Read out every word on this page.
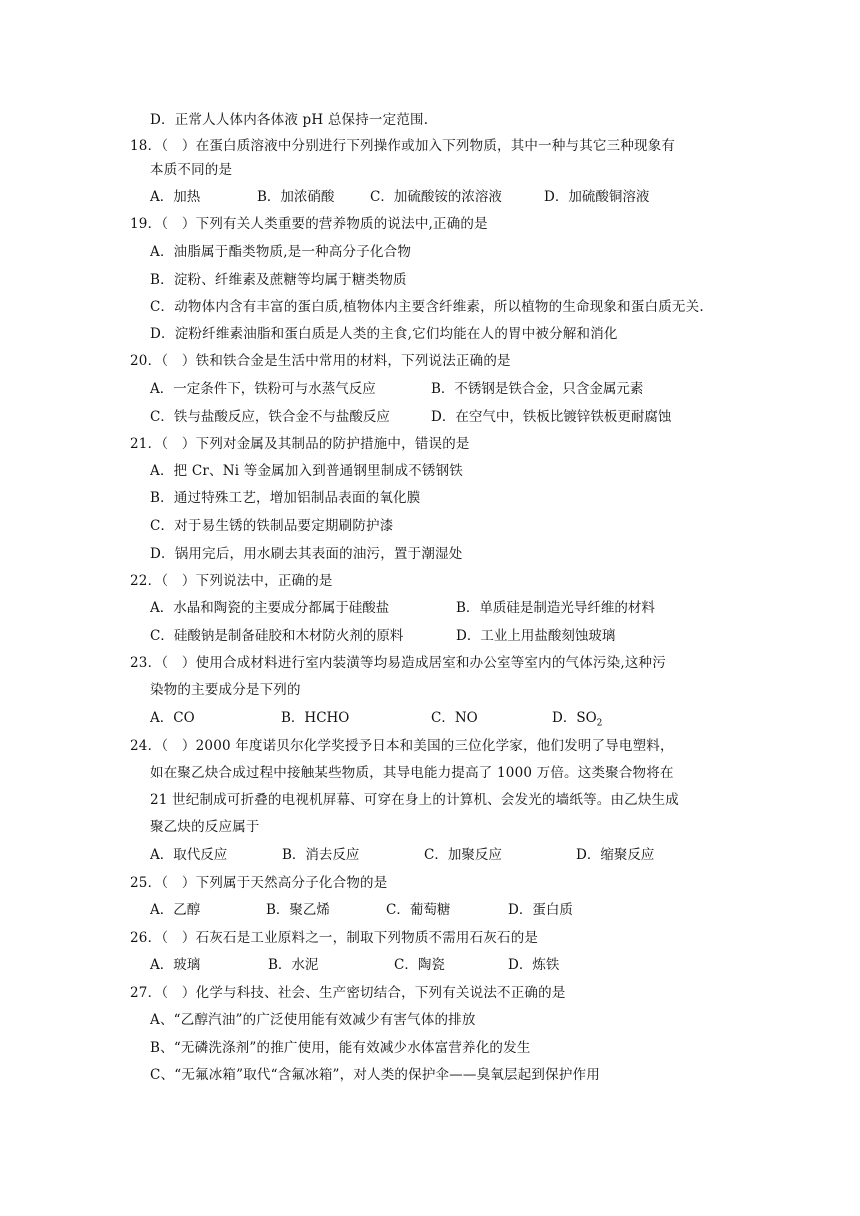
D．正常人人体内各体液 pH 总保持一定范围.
18．（　）在蛋白质溶液中分别进行下列操作或加入下列物质，其中一种与其它三种现象有
本质不同的是

A．加热

	B．加浓硝酸

	C．加硫酸铵的浓溶液

	D．加硫酸铜溶液

19．（　）下列有关人类重要的营养物质的说法中,正确的是
A．油脂属于酯类物质,是一种高分子化合物
B．淀粉、纤维素及蔗糖等均属于糖类物质
C．动物体内含有丰富的蛋白质,植物体内主要含纤维素，所以植物的生命现象和蛋白质无关.
D．淀粉纤维素油脂和蛋白质是人类的主食,它们均能在人的胃中被分解和消化
20．（　）铁和铁合金是生活中常用的材料，下列说法正确的是

A．一定条件下，铁粉可与水蒸气反应

	B．不锈钢是铁合金，只含金属元素

C．铁与盐酸反应，铁合金不与盐酸反应

	D．在空气中，铁板比镀锌铁板更耐腐蚀

21．（　）下列对金属及其制品的防护措施中，错误的是
A．把 Cr、Ni 等金属加入到普通钢里制成不锈钢铁
B．通过特殊工艺，增加铝制品表面的氧化膜
C．对于易生锈的铁制品要定期刷防护漆
D．锅用完后，用水刷去其表面的油污，置于潮湿处
22．（　）下列说法中，正确的是

A．水晶和陶瓷的主要成分都属于硅酸盐

	B．单质硅是制造光导纤维的材料

C．硅酸钠是制备硅胶和木材防火剂的原料

	D．工业上用盐酸刻蚀玻璃

23．（　）使用合成材料进行室内装潢等均易造成居室和办公室等室内的气体污染,这种污
染物的主要成分是下列的

A．CO

	B．HCHO

	C．NO

	D．$SO_2$

24．（　）2000 年度诺贝尔化学奖授予日本和美国的三位化学家，他们发明了导电塑料，
如在聚乙炔合成过程中接触某些物质，其导电能力提高了 1000 万倍。这类聚合物将在
21 世纪制成可折叠的电视机屏幕、可穿在身上的计算机、会发光的墙纸等。由乙炔生成
聚乙炔的反应属于

A．取代反应

	B．消去反应

	C．加聚反应

	D．缩聚反应

25．（　）下列属于天然高分子化合物的是

A．乙醇

	B．聚乙烯

	C．葡萄糖

	D．蛋白质

26．（　）石灰石是工业原料之一，制取下列物质不需用石灰石的是

A．玻璃

	B．水泥

	C．陶瓷

	D．炼铁

27．（　）化学与科技、社会、生产密切结合，下列有关说法不正确的是
A、“乙醇汽油”的广泛使用能有效减少有害气体的排放
B、“无磷洗涤剂”的推广使用，能有效减少水体富营养化的发生
C、“无氟冰箱”取代“含氟冰箱”，对人类的保护伞——臭氧层起到保护作用
